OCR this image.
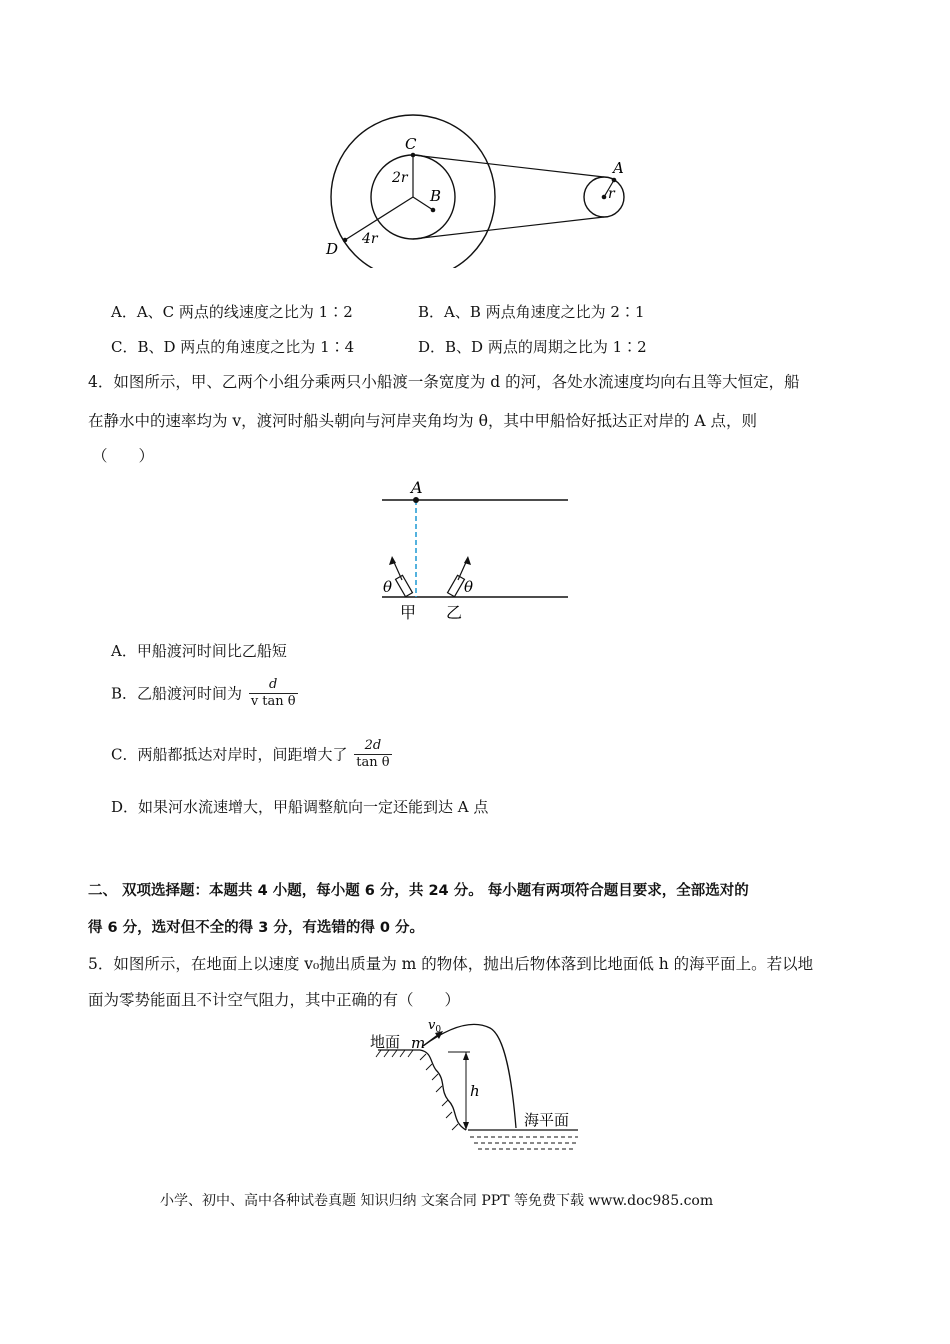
C
2r
B
D
4r
A
r
A．A、C 两点的线速度之比为 1∶2	B．A、B 两点角速度之比为 2∶1
C．B、D 两点的角速度之比为 1∶4	D．B、D 两点的周期之比为 1∶2
4．如图所示，甲、乙两个小组分乘两只小船渡一条宽度为 d 的河，各处水流速度均向右且等大恒定，船
在静水中的速率均为 v，渡河时船头朝向与河岸夹角均为 θ，其中甲船恰好抵达正对岸的 A 点，则
（　　）
A
θ	θ
甲 乙
A．甲船渡河时间比乙船短
B．乙船渡河时间为 $\frac{d}{\text{v tan θ}}$
C．两船都抵达对岸时，间距增大了 $\frac{2d}{\text{tan θ}}$
D．如果河水流速增大，甲船调整航向一定还能到达 A 点
二、 双项选择题：本题共 4 小题，每小题 6 分，共 24 分。 每小题有两项符合题目要求，全部选对的
得 6 分，选对但不全的得 3 分，有选错的得 0 分。
5．如图所示，在地面上以速度 v₀抛出质量为 m 的物体，抛出后物体落到比地面低 h 的海平面上。若以地
面为零势能面且不计空气阻力，其中正确的有（　　）
地面 m
$v_0$
h
海平面
小学、初中、高中各种试卷真题 知识归纳 文案合同 PPT 等免费下载 www.doc985.com
